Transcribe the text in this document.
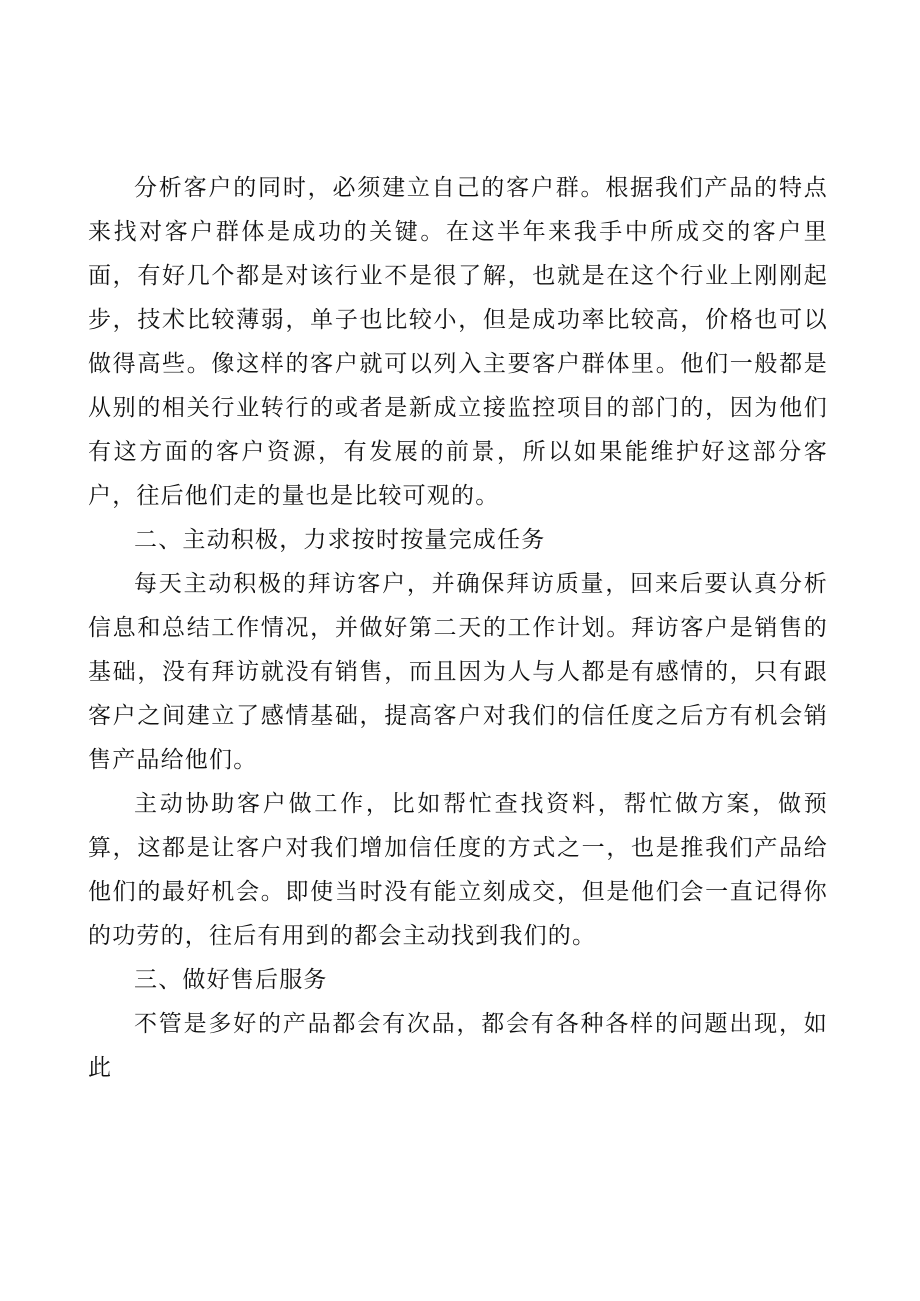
分析客户的同时，必须建立自己的客户群。根据我们产品的特点来找对客户群体是成功的关键。在这半年来我手中所成交的客户里面，有好几个都是对该行业不是很了解，也就是在这个行业上刚刚起步，技术比较薄弱，单子也比较小，但是成功率比较高，价格也可以做得高些。像这样的客户就可以列入主要客户群体里。他们一般都是从别的相关行业转行的或者是新成立接监控项目的部门的，因为他们有这方面的客户资源，有发展的前景，所以如果能维护好这部分客户，往后他们走的量也是比较可观的。

二、主动积极，力求按时按量完成任务

每天主动积极的拜访客户，并确保拜访质量，回来后要认真分析信息和总结工作情况，并做好第二天的工作计划。拜访客户是销售的基础，没有拜访就没有销售，而且因为人与人都是有感情的，只有跟客户之间建立了感情基础，提高客户对我们的信任度之后方有机会销售产品给他们。

主动协助客户做工作，比如帮忙查找资料，帮忙做方案，做预算，这都是让客户对我们增加信任度的方式之一，也是推我们产品给他们的最好机会。即使当时没有能立刻成交，但是他们会一直记得你的功劳的，往后有用到的都会主动找到我们的。

三、做好售后服务

不管是多好的产品都会有次品，都会有各种各样的问题出现，如此
